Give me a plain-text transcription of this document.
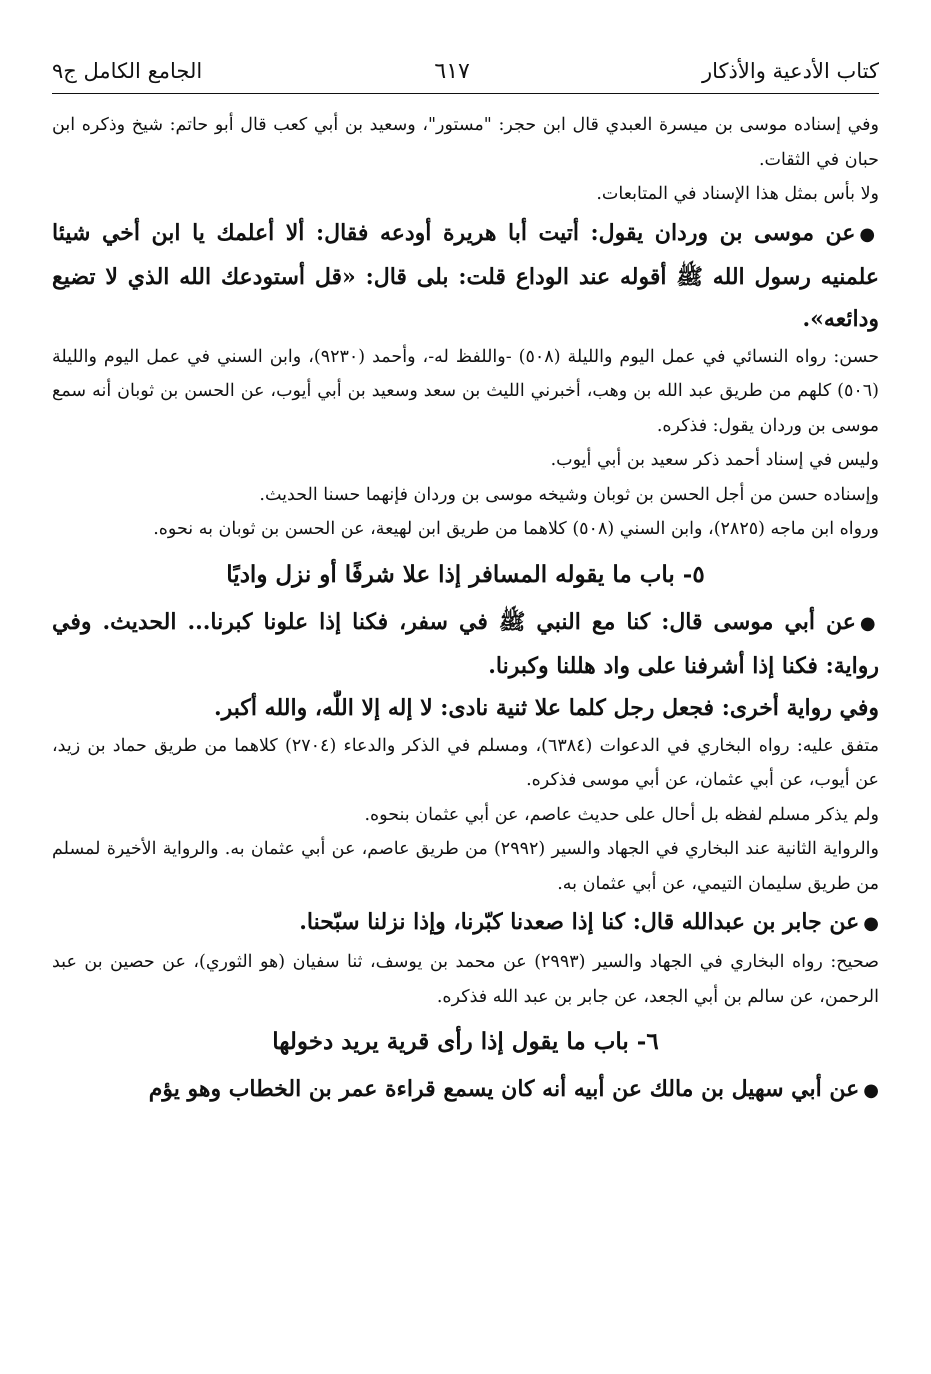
كتاب الأدعية والأذكار
٦١٧
الجامع الكامل ج٩

وفي إسناده موسى بن ميسرة العبدي قال ابن حجر: "مستور"، وسعيد بن أبي كعب قال أبو حاتم: شيخ وذكره ابن حبان في الثقات.

ولا بأس بمثل هذا الإسناد في المتابعات.

●عن موسى بن وردان يقول: أتيت أبا هريرة أودعه فقال: ألا أعلمك يا ابن أخي شيئا علمنيه رسول الله ﷺ أقوله عند الوداع قلت: بلى قال: «قل أستودعك الله الذي لا تضيع ودائعه».

حسن: رواه النسائي في عمل اليوم والليلة (٥٠٨) -واللفظ له-، وأحمد (٩٢٣٠)، وابن السني في عمل اليوم والليلة (٥٠٦) كلهم من طريق عبد الله بن وهب، أخبرني الليث بن سعد وسعيد بن أبي أيوب، عن الحسن بن ثوبان أنه سمع موسى بن وردان يقول: فذكره.

وليس في إسناد أحمد ذكر سعيد بن أبي أيوب.

وإسناده حسن من أجل الحسن بن ثوبان وشيخه موسى بن وردان فإنهما حسنا الحديث.

ورواه ابن ماجه (٢٨٢٥)، وابن السني (٥٠٨) كلاهما من طريق ابن لهيعة، عن الحسن بن ثوبان به نحوه.

٥- باب ما يقوله المسافر إذا علا شرفًا أو نزل واديًا

●عن أبي موسى قال: كنا مع النبي ﷺ في سفر، فكنا إذا علونا كبرنا... الحديث. وفي رواية: فكنا إذا أشرفنا على واد هللنا وكبرنا.

وفي رواية أخرى: فجعل رجل كلما علا ثنية نادى: لا إله إلا اللّٰه، والله أكبر.

متفق عليه: رواه البخاري في الدعوات (٦٣٨٤)، ومسلم في الذكر والدعاء (٢٧٠٤) كلاهما من طريق حماد بن زيد، عن أيوب، عن أبي عثمان، عن أبي موسى فذكره.

ولم يذكر مسلم لفظه بل أحال على حديث عاصم، عن أبي عثمان بنحوه.

والرواية الثانية عند البخاري في الجهاد والسير (٢٩٩٢) من طريق عاصم، عن أبي عثمان به. والرواية الأخيرة لمسلم من طريق سليمان التيمي، عن أبي عثمان به.

●عن جابر بن عبدالله قال: كنا إذا صعدنا كبّرنا، وإذا نزلنا سبّحنا.

صحيح: رواه البخاري في الجهاد والسير (٢٩٩٣) عن محمد بن يوسف، ثنا سفيان (هو الثوري)، عن حصين بن عبد الرحمن، عن سالم بن أبي الجعد، عن جابر بن عبد الله فذكره.

٦- باب ما يقول إذا رأى قرية يريد دخولها

●عن أبي سهيل بن مالك عن أبيه أنه كان يسمع قراءة عمر بن الخطاب وهو يؤم
